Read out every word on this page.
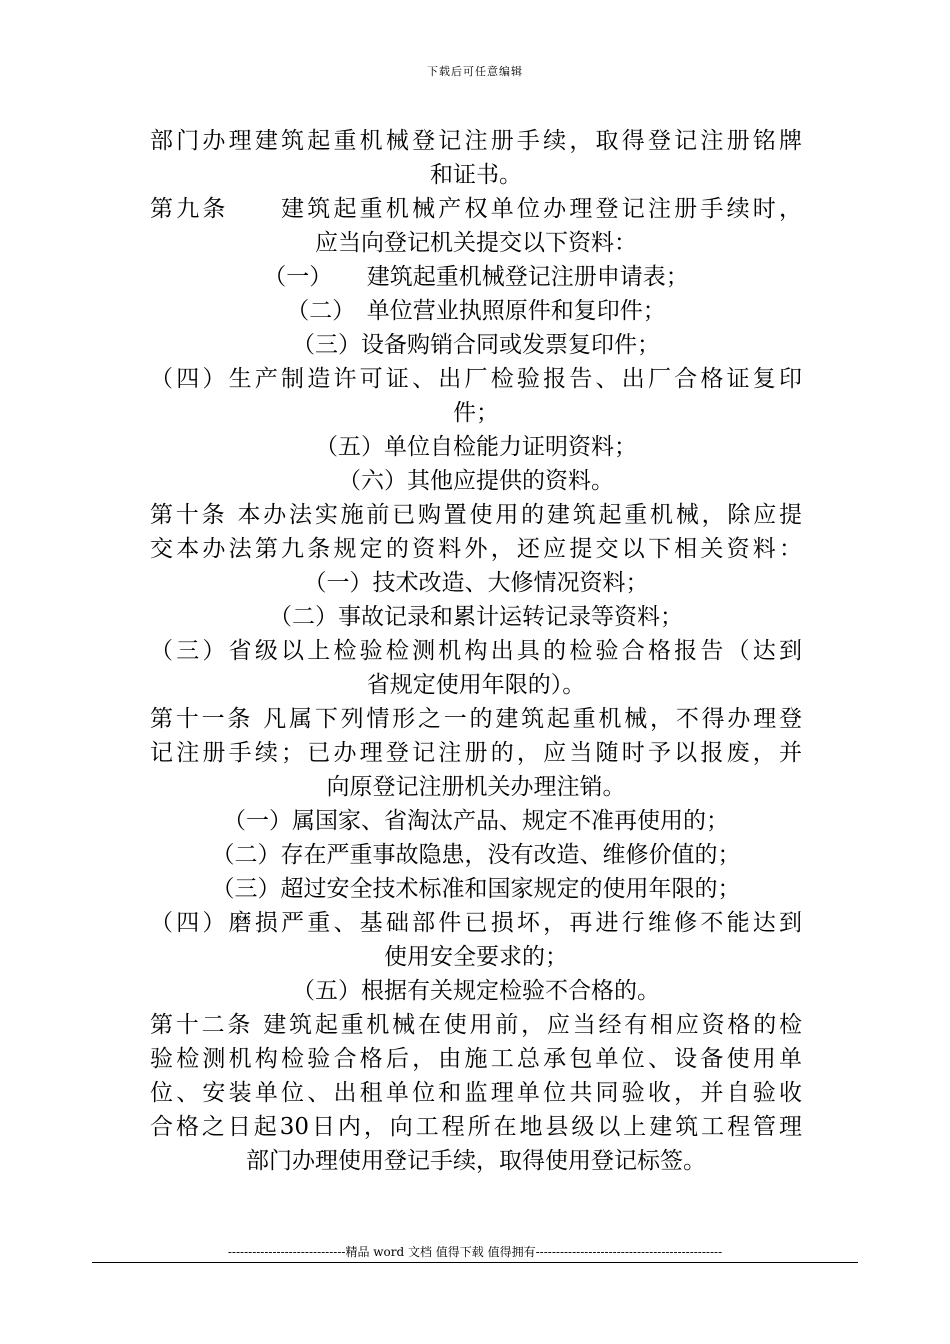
下载后可任意编辑
部门办理建筑起重机械登记注册手续，取得登记注册铭牌
和证书。
第九条　　建筑起重机械产权单位办理登记注册手续时，
应当向登记机关提交以下资料：
（一）　　建筑起重机械登记注册申请表；
（二）　单位营业执照原件和复印件；
（三）设备购销合同或发票复印件；
（四）生产制造许可证、出厂检验报告、出厂合格证复印
件；
（五）单位自检能力证明资料；
（六）其他应提供的资料。
第十条 本办法实施前已购置使用的建筑起重机械，除应提
交本办法第九条规定的资料外，还应提交以下相关资料：
（一）技术改造、大修情况资料；
（二）事故记录和累计运转记录等资料；
（三）省级以上检验检测机构出具的检验合格报告（达到
省规定使用年限的）。
第十一条 凡属下列情形之一的建筑起重机械，不得办理登
记注册手续；已办理登记注册的，应当随时予以报废，并
向原登记注册机关办理注销。
（一）属国家、省淘汰产品、规定不准再使用的；
（二）存在严重事故隐患，没有改造、维修价值的；
（三）超过安全技术标准和国家规定的使用年限的；
（四）磨损严重、基础部件已损坏，再进行维修不能达到
使用安全要求的；
（五）根据有关规定检验不合格的。
第十二条 建筑起重机械在使用前，应当经有相应资格的检
验检测机构检验合格后，由施工总承包单位、设备使用单
位、安装单位、出租单位和监理单位共同验收，并自验收
合格之日起30日内，向工程所在地县级以上建筑工程管理
部门办理使用登记手续，取得使用登记标签。
-----------------------------精品 word 文档 值得下载 值得拥有----------------------------------------------
